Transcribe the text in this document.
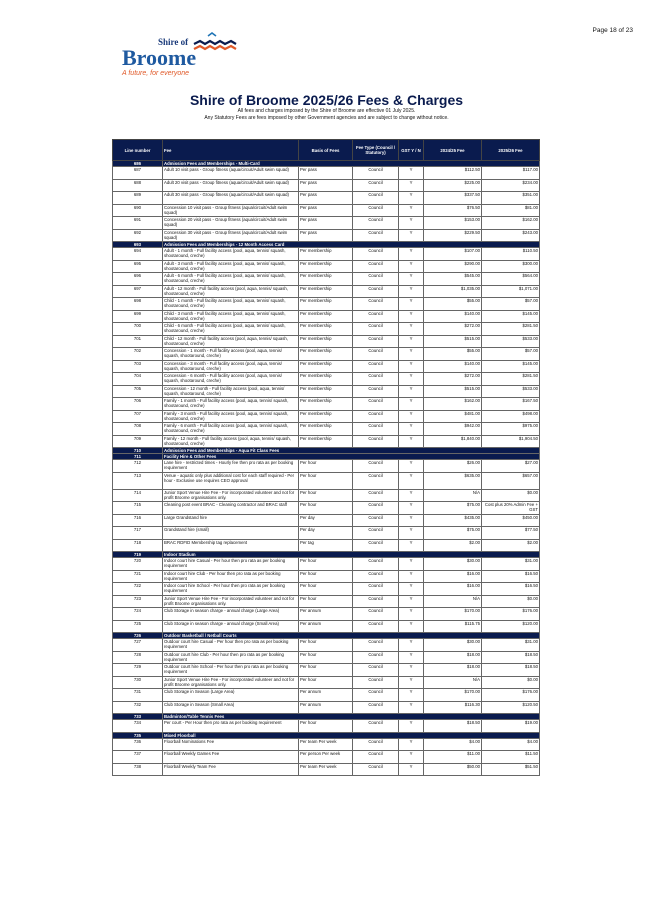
Page 18 of 23
Shire of
Broome
A future, for everyone
Shire of Broome 2025/26 Fees & Charges
All fees and charges imposed by the Shire of Broome are effective 01 July 2025.
Any Statutory Fees are fees imposed by other Government agencies and are subject to change without notice.
Line number	Fee	Basis of Fees	Fee Type (Council / Statutory)	GST Y / N	2024/25 Fee	2025/26 Fee
686	Admission Fees and Memberships - Multi-Card					
687	Adult 10 visit pass - Group fitness (aqua/circuit/Adult swim squad)	Per pass	Council	Y	$112.50	$117.00
688	Adult 20 visit pass - Group fitness (aqua/circuit/Adult swim squad)	Per pass	Council	Y	$225.00	$234.00
689	Adult 30 visit pass - Group fitness (aqua/circuit/Adult swim squad)	Per pass	Council	Y	$337.50	$351.00
690	Concession 10 visit pass - Group fitness (aqua/circuit/Adult swim squad)	Per pass	Council	Y	$76.50	$81.00
691	Concession 20 visit pass - Group fitness (aqua/circuit/Adult swim squad)	Per pass	Council	Y	$153.00	$162.00
692	Concession 30 visit pass - Group fitness (aqua/circuit/Adult swim squad)	Per pass	Council	Y	$229.50	$243.00
693	Admission Fees and Memberships - 12 Month Access Card					
694	Adult - 1 month - Full facility access (pool, aqua, tennis/ squash, shootaround, creche)	Per membership	Council	Y	$107.00	$110.50
695	Adult - 3 month - Full facility access (pool, aqua, tennis/ squash, shootaround, creche)	Per membership	Council	Y	$290.00	$300.00
696	Adult - 6 month - Full facility access (pool, aqua, tennis/ squash, shootaround, creche)	Per membership	Council	Y	$545.00	$564.00
697	Adult - 12 month - Full facility access (pool, aqua, tennis/ squash, shootaround, creche)	Per membership	Council	Y	$1,035.00	$1,071.00
698	Child - 1 month - Full facility access (pool, aqua, tennis/ squash, shootaround, creche)	Per membership	Council	Y	$55.00	$57.00
699	Child - 3 month - Full facility access (pool, aqua, tennis/ squash, shootaround, creche)	Per membership	Council	Y	$140.00	$145.00
700	Child - 6 month - Full facility access (pool, aqua, tennis/ squash, shootaround, creche)	Per membership	Council	Y	$272.00	$281.50
701	Child - 12 month - Full facility access (pool, aqua, tennis/ squash, shootaround, creche)	Per membership	Council	Y	$515.00	$533.00
702	Concession - 1 month - Full facility access (pool, aqua, tennis/ squash, shootaround, creche)	Per membership	Council	Y	$55.00	$57.00
703	Concession - 3 month - Full facility access (pool, aqua, tennis/ squash, shootaround, creche)	Per membership	Council	Y	$140.00	$145.00
704	Concession - 6 month - Full facility access (pool, aqua, tennis/ squash, shootaround, creche)	Per membership	Council	Y	$272.00	$281.50
705	Concession - 12 month - Full facility access (pool, aqua, tennis/ squash, shootaround, creche)	Per membership	Council	Y	$515.00	$533.00
706	Family - 1 month - Full facility access (pool, aqua, tennis/ squash, shootaround, creche)	Per membership	Council	Y	$162.00	$167.50
707	Family - 3 month - Full facility access (pool, aqua, tennis/ squash, shootaround, creche)	Per membership	Council	Y	$481.00	$498.00
708	Family - 6 month - Full facility access (pool, aqua, tennis/ squash, shootaround, creche)	Per membership	Council	Y	$942.00	$975.00
709	Family - 12 month - Full facility access (pool, aqua, tennis/ squash, shootaround, creche)	Per membership	Council	Y	$1,840.00	$1,904.50
710	Admission Fees and Memberships - Aqua Fit Class Fees					
711	Facility Hire & Other Fees					
712	Lane hire - restricted times - Hourly fee then pro rata as per booking requirement	Per hour	Council	Y	$26.00	$27.00
713	Venue - aquatic only plus additional cost for each staff required - Per hour - Exclusive use requires CEO approval	Per hour	Council	Y	$635.00	$657.00
714	Junior Sport Venue Hire Fee - For incorporated volunteer and not for profit Broome organisations only.	Per hour	Council	Y	N/A	$0.00
715	Cleaning post event BRAC - Cleaning contractor and BRAC staff	Per hour	Council	Y	$75.00	Cost plus 20% Admin Fee + GST
716	Large Grandstand hire	Per day	Council	Y	$435.00	$450.00
717	Grandstand hire (small)	Per day	Council	Y	$75.00	$77.50
718	BRAC RDFID Membership tag replacement	Per tag	Council	Y	$2.00	$2.00
719	Indoor Stadium					
720	Indoor court hire Casual - Per hour then pro rata as per booking requirement	Per hour	Council	Y	$30.00	$31.00
721	Indoor court hire Club - Per hour then pro rata as per booking requirement	Per hour	Council	Y	$16.00	$16.50
722	Indoor court hire School - Per hour then pro rata as per booking requirement	Per hour	Council	Y	$16.00	$16.50
723	Junior Sport Venue Hire Fee - For incorporated volunteer and not for profit Broome organisations only.	Per hour	Council	Y	N/A	$0.00
724	Club Storage in season charge - annual charge (Large Area)	Per annum	Council	Y	$170.00	$176.00
725	Club Storage in season charge - annual charge (Small Area)	Per annum	Council	Y	$115.75	$120.00
726	Outdoor Basketball / Netball Courts					
727	Outdoor court hire Casual - Per hour then pro rata as per booking requirement	Per hour	Council	Y	$30.00	$31.00
728	Outdoor court hire Club - Per hour then pro rata as per booking requirement	Per hour	Council	Y	$18.00	$18.50
729	Outdoor court hire School - Per hour then pro rata as per booking requirement	Per hour	Council	Y	$18.00	$18.50
730	Junior Sport Venue Hire Fee - For incorporated volunteer and not for profit Broome organisations only.	Per hour	Council	Y	N/A	$0.00
731	Club Storage in Season (Large Area)	Per annum	Council	Y	$170.00	$176.00
732	Club Storage in Season (Small Area)	Per annum	Council	Y	$116.30	$120.50
733	Badminton/Table Tennis Fees					
734	Per court - Per Hour then pro rata as per booking requirement	Per hour	Council	Y	$18.50	$19.00
735	Mixed Floorball					
736	Floorball Nominations Fee	Per team Per week	Council	Y	$4.00	$4.00
737	Floorball Weekly Games Fee	Per person Per week	Council	Y	$11.00	$11.50
738	Floorball Weekly Team Fee	Per team Per week	Council	Y	$50.00	$51.50
